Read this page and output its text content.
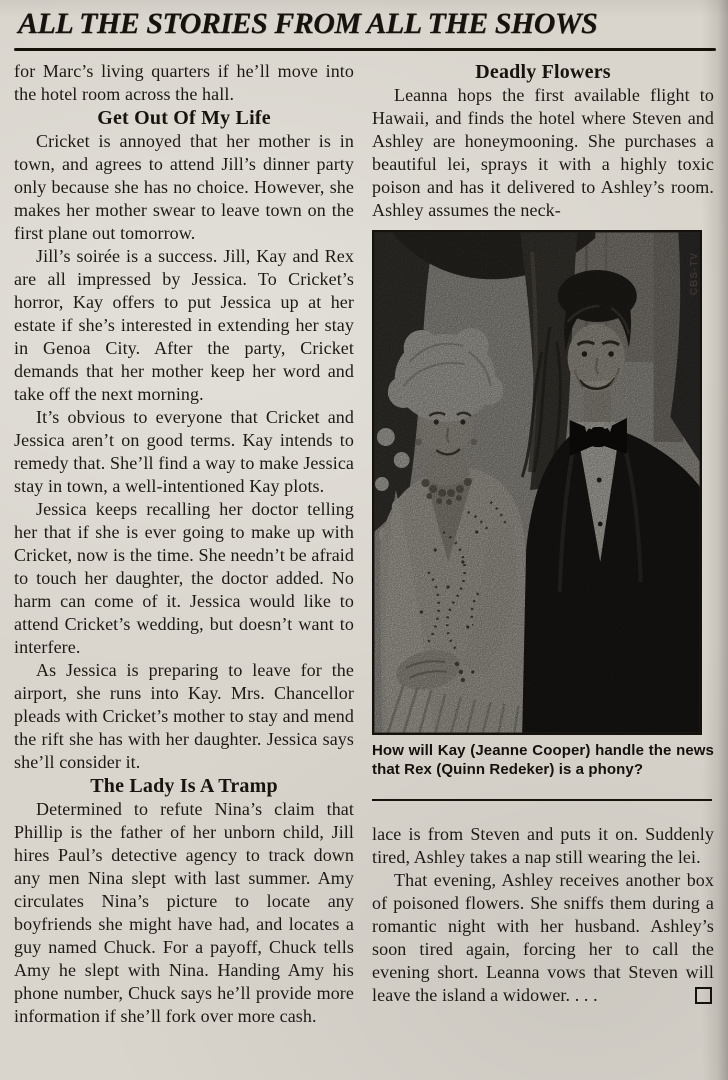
ALL THE STORIES FROM ALL THE SHOWS

for Marc’s living quarters if he’ll move into the hotel room across the hall.

Get Out Of My Life

Cricket is annoyed that her mother is in town, and agrees to attend Jill’s dinner party only because she has no choice. However, she makes her mother swear to leave town on the first plane out tomorrow.

Jill’s soirée is a success. Jill, Kay and Rex are all impressed by Jessica. To Cricket’s horror, Kay offers to put Jessica up at her estate if she’s interested in extending her stay in Genoa City. After the party, Cricket demands that her mother keep her word and take off the next morning.

It’s obvious to everyone that Cricket and Jessica aren’t on good terms. Kay intends to remedy that. She’ll find a way to make Jessica stay in town, a well-intentioned Kay plots.

Jessica keeps recalling her doctor telling her that if she is ever going to make up with Cricket, now is the time. She needn’t be afraid to touch her daughter, the doctor added. No harm can come of it. Jessica would like to attend Cricket’s wedding, but doesn’t want to interfere.

As Jessica is preparing to leave for the airport, she runs into Kay. Mrs. Chancellor pleads with Cricket’s mother to stay and mend the rift she has with her daughter. Jessica says she’ll consider it.

The Lady Is A Tramp

Determined to refute Nina’s claim that Phillip is the father of her unborn child, Jill hires Paul’s detective agency to track down any men Nina slept with last summer. Amy circulates Nina’s picture to locate any boyfriends she might have had, and locates a guy named Chuck. For a payoff, Chuck tells Amy he slept with Nina. Handing Amy his phone number, Chuck says he’ll provide more information if she’ll fork over more cash.

Deadly Flowers

Leanna hops the first available flight to Hawaii, and finds the hotel where Steven and Ashley are honeymooning. She purchases a beautiful lei, sprays it with a highly toxic poison and has it delivered to Ashley’s room. Ashley assumes the neck-

CBS-TV
How will Kay (Jeanne Cooper) handle the news that Rex (Quinn Redeker) is a phony?

lace is from Steven and puts it on. Suddenly tired, Ashley takes a nap still wearing the lei.

That evening, Ashley receives another box of poisoned flowers. She sniffs them during a romantic night with her husband. Ashley’s soon tired again, forcing her to call the evening short. Leanna vows that Steven will leave the island a widower. . . .
